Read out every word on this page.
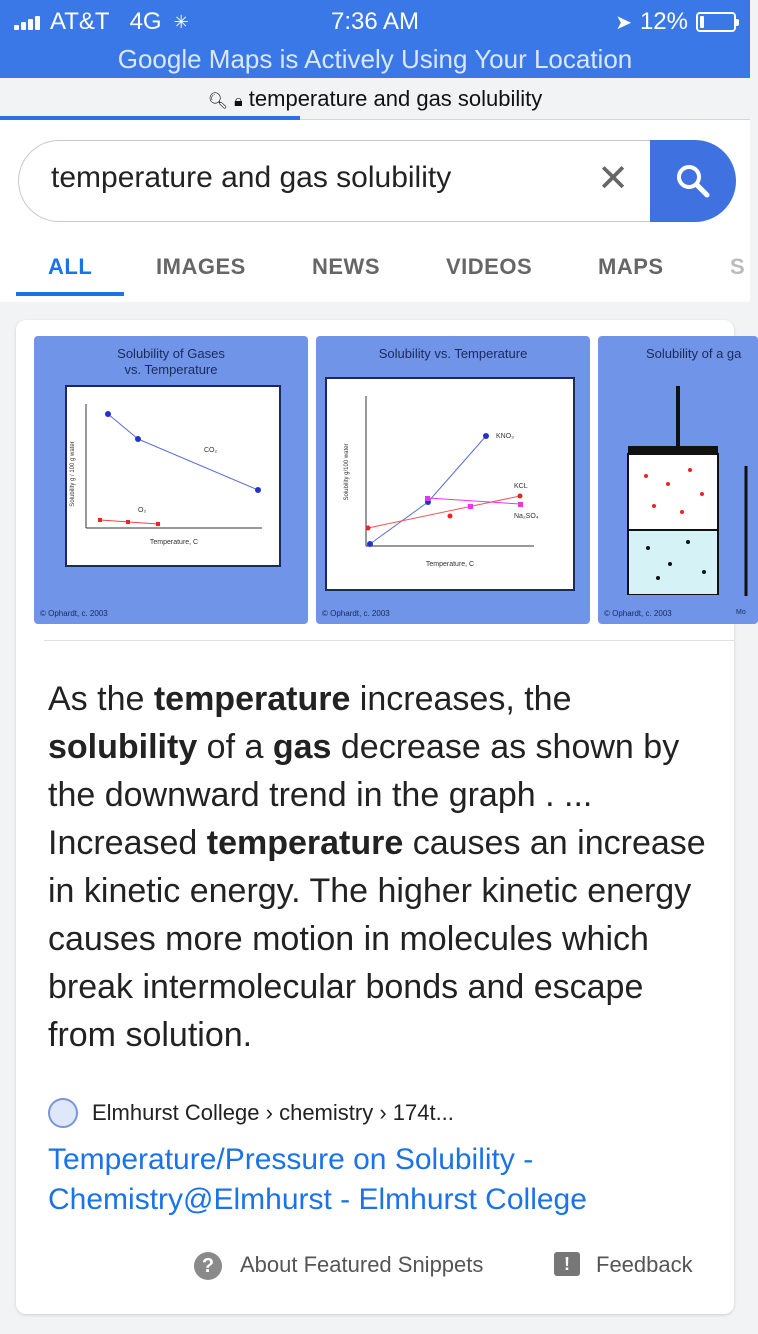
AT&T 4G ✳	7:36 AM	➤ 12%
Google Maps is Actively Using Your Location
🔍︎ 🔒︎ temperature and gas solubility
temperature and gas solubility	✕
ALL	IMAGES	NEWS	VIDEOS	MAPS	S
Solubility of Gases
vs. Temperature
CO₂
O₂
Temperature, C
Solubility g / 100 g water
© Ophardt, c. 2003
Solubility vs. Temperature
KNO₃
KCL
Na₂SO₄
Temperature, C
Solubility g/100 water
© Ophardt, c. 2003
Solubility of a ga
Mo
© Ophardt, c. 2003
As the temperature increases, the solubility of a gas decrease as shown by the downward trend in the graph . ... Increased temperature causes an increase in kinetic energy. The higher kinetic energy causes more motion in molecules which break intermolecular bonds and escape from solution.
Elmhurst College › chemistry › 174t...
Temperature/Pressure on Solubility - Chemistry@Elmhurst - Elmhurst College
?	About Featured Snippets	!	Feedback
